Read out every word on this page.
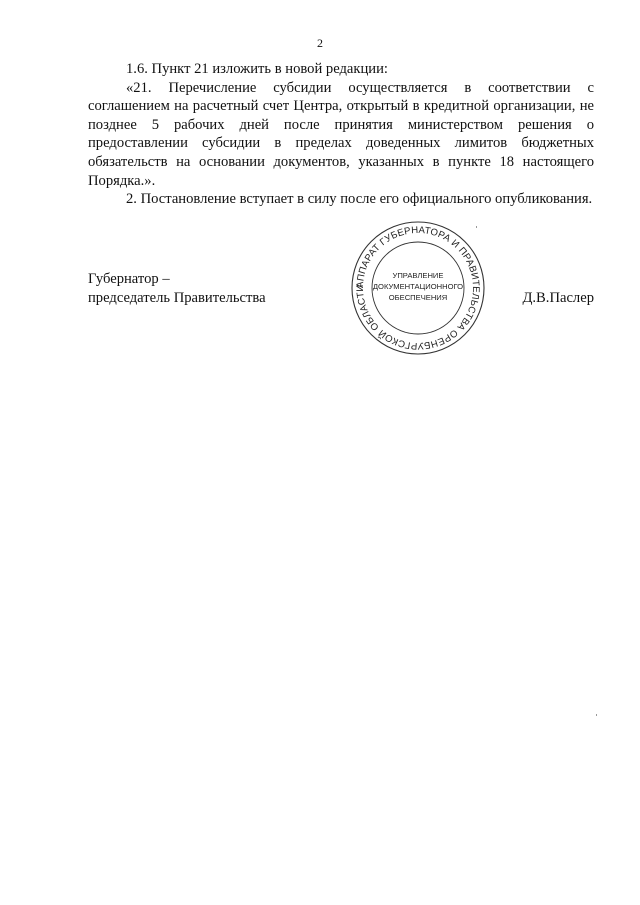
2

1.6. Пункт 21 изложить в новой редакции:

«21. Перечисление субсидии осуществляется в соответствии с соглашением на расчетный счет Центра, открытый в кредитной организации, не позднее 5 рабочих дней после принятия министерством решения о предоставлении субсидии в пределах доведенных лимитов бюджетных обязательств на основании документов, указанных в пункте 18 настоящего Порядка.».

2. Постановление вступает в силу после его официального опубликования.

Губернатор –
председатель Правительства
АППАРАТ ГУБЕРНАТОРА И ПРАВИТЕЛЬСТВА ОРЕНБУРГСКОЙ ОБЛАСТИ
УПРАВЛЕНИЕ
ДОКУМЕНТАЦИОННОГО
ОБЕСПЕЧЕНИЯ	Д.В.Паслер
